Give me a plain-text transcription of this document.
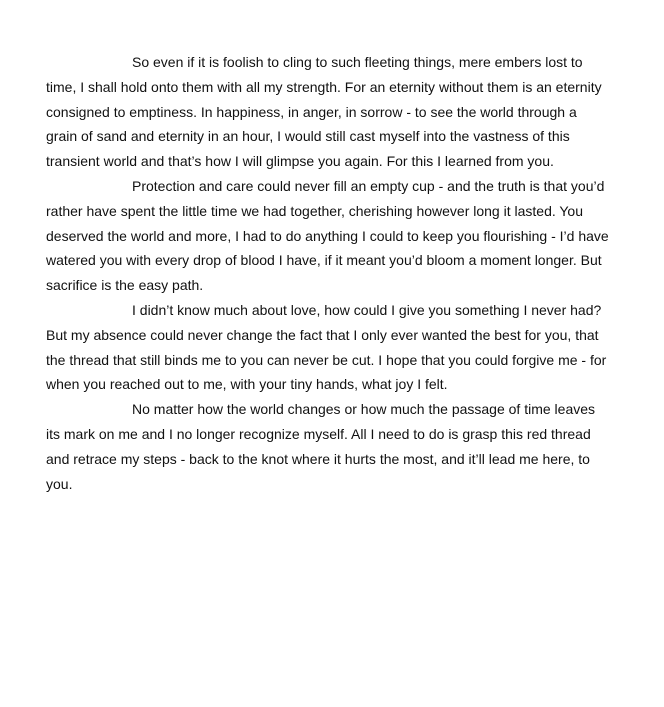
So even if it is foolish to cling to such fleeting things, mere embers lost to time, I shall hold onto them with all my strength. For an eternity without them is an eternity consigned to emptiness. In happiness, in anger, in sorrow - to see the world through a grain of sand and eternity in an hour, I would still cast myself into the vastness of this transient world and that’s how I will glimpse you again. For this I learned from you.

Protection and care could never fill an empty cup - and the truth is that you’d rather have spent the little time we had together, cherishing however long it lasted. You deserved the world and more, I had to do anything I could to keep you flourishing - I’d have watered you with every drop of blood I have, if it meant you’d bloom a moment longer. But sacrifice is the easy path.

I didn’t know much about love, how could I give you something I never had? But my absence could never change the fact that I only ever wanted the best for you, that the thread that still binds me to you can never be cut. I hope that you could forgive me - for when you reached out to me, with your tiny hands, what joy I felt.

No matter how the world changes or how much the passage of time leaves its mark on me and I no longer recognize myself. All I need to do is grasp this red thread and retrace my steps - back to the knot where it hurts the most, and it’ll lead me here, to you.
